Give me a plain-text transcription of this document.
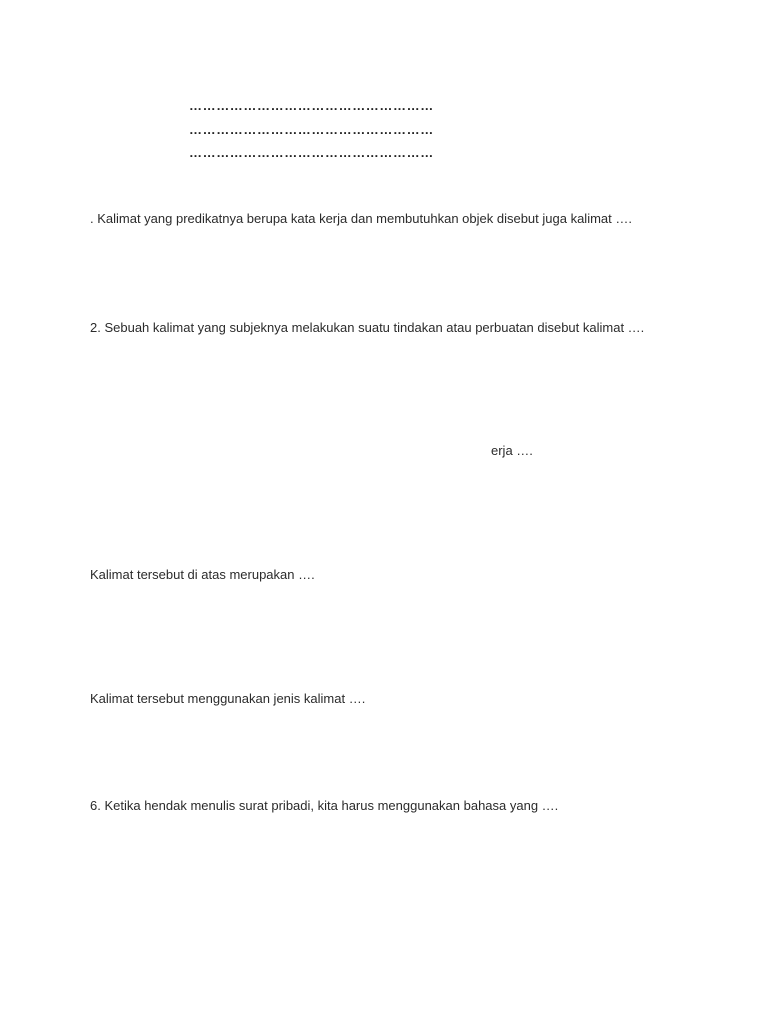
………………………………………………
………………………………………………
………………………………………………
. Kalimat yang predikatnya berupa kata kerja dan membutuhkan objek disebut juga kalimat ….
2. Sebuah kalimat yang subjeknya melakukan suatu tindakan atau perbuatan disebut kalimat ….
erja ….
Kalimat tersebut di atas merupakan ….
Kalimat tersebut menggunakan jenis kalimat ….
6. Ketika hendak menulis surat pribadi, kita harus menggunakan bahasa yang ….
